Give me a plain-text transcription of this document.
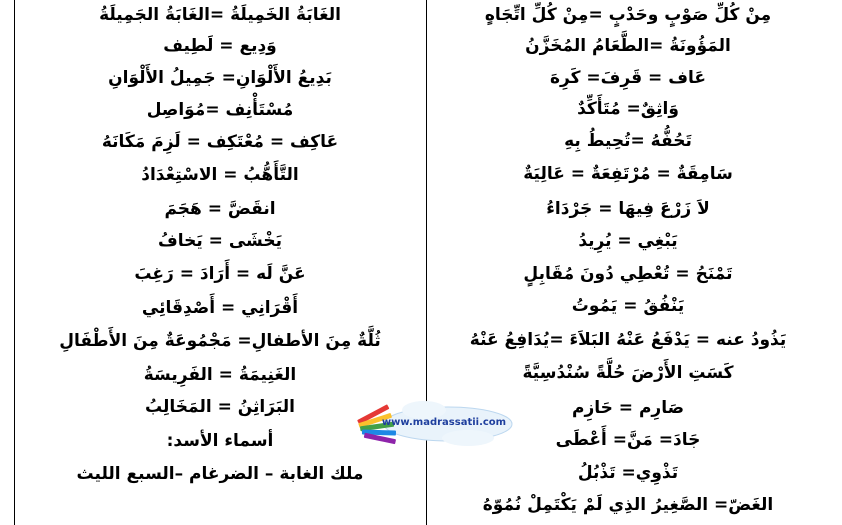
الغَابَةُ الخَمِيلَةُ =الغَابَةُ الجَمِيلَةُ
وَدِيع = لَطِيف
بَدِيعُ الأَلْوَانِ= جَمِيلُ الأَلْوَانِ
مُسْتَأْنِف =مُوَاصِل
عَاكِف = مُعْتَكِف = لَزِمَ مَكَانَهُ
التَّأَهُّبُ = الاسْتِعْدَادُ
انقَضَّ = هَجَمَ
يَخْشَى = يَخافُ
عَنَّ لَه = أَرَادَ = رَغِبَ
أَقْرَانِي = أَصْدِقَائِي
ثُلَّةٌ مِنَ الأطفالِ= مَجْمُوعَةٌ مِنَ الأَطْفَالِ
الغَنِيمَةُ = الفَرِيسَةُ
البَرَاثِنُ = المَخَالِبُ
أسماء الأسد:
ملك الغابة – الضرغام –السبع الليث
مِنْ كُلِّ صَوْبٍ وحَدْبٍ =مِنْ كُلِّ اتِّجَاهٍ
المَؤُونَةُ =الطَّعَامُ المُخَزَّنُ
عَاف = قَرِفَ= كَرِهَ
وَاثِقٌ= مُتَأَكِّدٌ
تَحُفُّهُ =تُحِيطُ بِهِ
سَامِقَةٌ = مُرْتَفِعَةٌ = عَالِيَةٌ
لاَ زَرْعَ فِيهَا = جَرْدَاءُ
يَبْغِي = يُرِيدُ
تَمْنَحُ = تُعْطِي دُونَ مُقَابِلٍ
يَنْفُقُ = يَمُوتُ
يَذُودُ عنه = يَدْفَعُ عَنْهُ البَلاَءَ =يُدَافِعُ عَنْهُ
كَسَتِ الأَرْضَ حُلَّةً سُنْدُسِيَّةً
صَارِم = حَازِم
جَادَ= مَنَّ= أَعْطَى
تَذْوِي= تَذْبُلُ
الغَضّ= الصَّغِيرُ الذِي لَمْ يَكْتَمِلْ نُمُوّهُ
www.madrassatii.com
